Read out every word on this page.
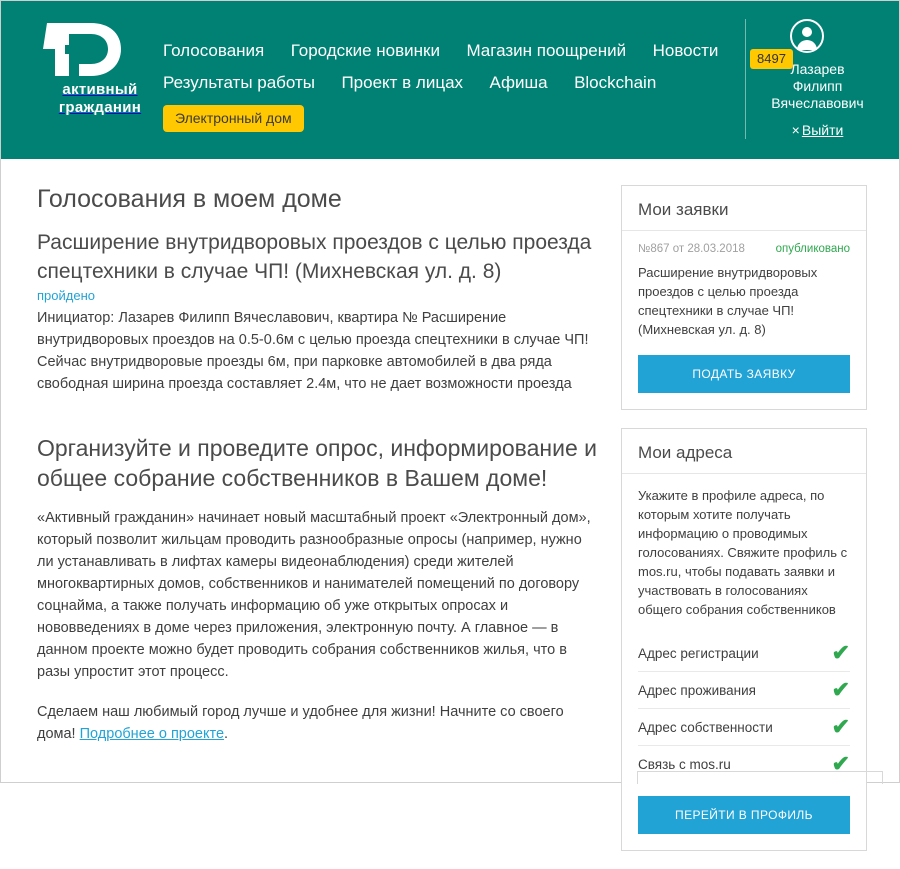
активный
гражданин
8497
Голосования Городские новинки Магазин поощрений Новости
Результаты работы Проект в лицах Афиша Blockchain
Электронный дом
Лазарев
Филипп
Вячеславович
× Выйти
Голосования в моем доме
Расширение внутридворовых проездов с целью проезда спецтехники в случае ЧП! (Михневская ул. д. 8)
пройдено

Инициатор: Лазарев Филипп Вячеславович, квартира № Расширение внутридворовых проездов на 0.5-0.6м с целью проезда спецтехники в случае ЧП! Сейчас внутридворовые проезды 6м, при парковке автомобилей в два ряда свободная ширина проезда составляет 2.4м, что не дает возможности проезда

Организуйте и проведите опрос, информирование и общее собрание собственников в Вашем доме!

«Активный гражданин» начинает новый масштабный проект «Электронный дом», который позволит жильцам проводить разнообразные опросы (например, нужно ли устанавливать в лифтах камеры видеонаблюдения) среди жителей многоквартирных домов, собственников и нанимателей помещений по договору соцнайма, а также получать информацию об уже открытых опросах и нововведениях в доме через приложения, электронную почту. А главное — в данном проекте можно будет проводить собрания собственников жилья, что в разы упростит этот процесс.

Сделаем наш любимый город лучше и удобнее для жизни! Начните со своего дома! Подробнее о проекте.

Мои заявки
№867 от 28.03.2018	опубликовано
Расширение внутридворовых проездов с целью проезда спецтехники в случае ЧП! (Михневская ул. д. 8)
ПОДАТЬ ЗАЯВКУ
Мои адреса
Укажите в профиле адреса, по которым хотите получать информацию о проводимых голосованиях. Свяжите профиль с mos.ru, чтобы подавать заявки и участвовать в голосованиях общего собрания собственников
Адрес регистрации	✔
Адрес проживания	✔
Адрес собственности	✔
Связь с mos.ru	✔
ПЕРЕЙТИ В ПРОФИЛЬ
